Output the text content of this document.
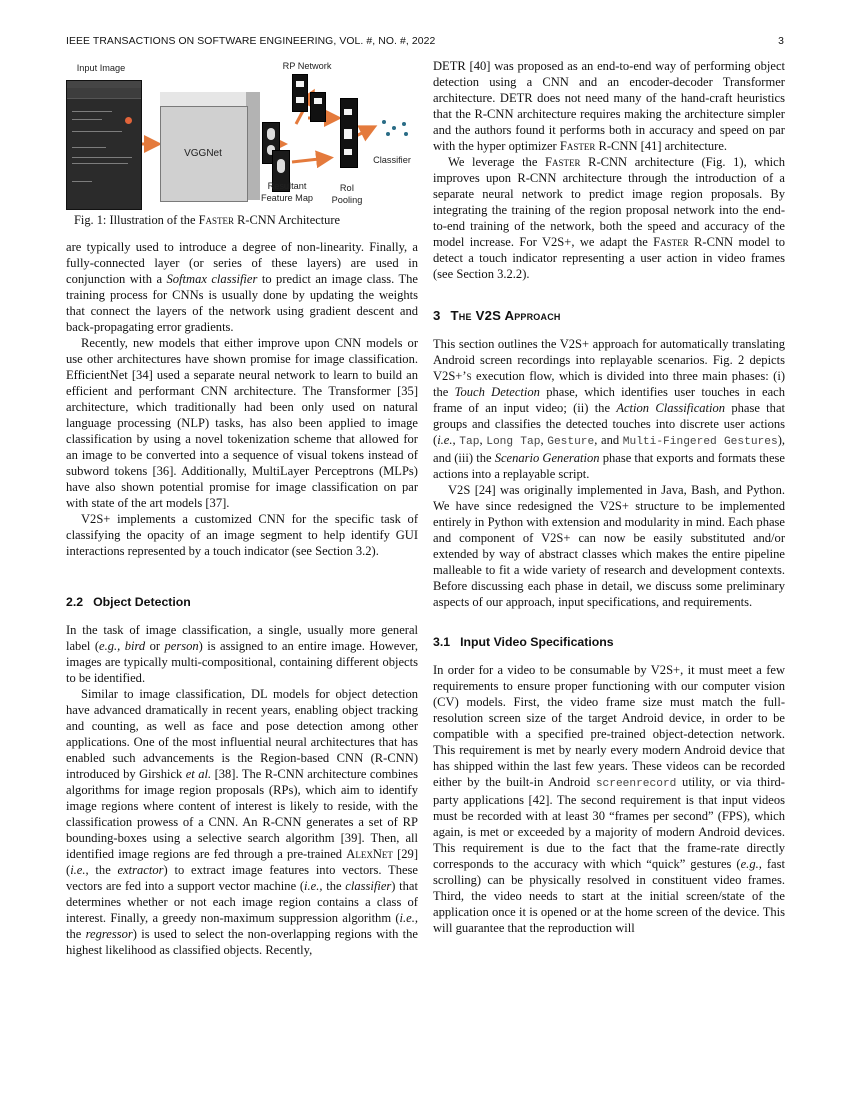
IEEE TRANSACTIONS ON SOFTWARE ENGINEERING, VOL. #, NO. #, 2022	3
Input Image	RP Network
VGGNet
Resultant
Feature Map
RoI
Pooling
Classifier
Fig. 1: Illustration of the Faster R-CNN Architecture

are typically used to introduce a degree of non-linearity. Finally, a fully-connected layer (or series of these layers) are used in conjunction with a Softmax classifier to predict an image class. The training process for CNNs is usually done by updating the weights that connect the layers of the network using gradient descent and back-propagating error gradients.

Recently, new models that either improve upon CNN models or use other architectures have shown promise for image classification. EfficientNet [34] used a separate neural network to learn to build an efficient and performant CNN architecture. The Transformer [35] architecture, which traditionally had been only used on natural language processing (NLP) tasks, has also been applied to image classification by using a novel tokenization scheme that allowed for an image to be converted into a sequence of visual tokens instead of subword tokens [36]. Additionally, MultiLayer Perceptrons (MLPs) have also shown potential promise for image classification on par with state of the art models [37].

V2S+ implements a customized CNN for the specific task of classifying the opacity of an image segment to help identify GUI interactions represented by a touch indicator (see Section 3.2).

2.2 Object Detection

In the task of image classification, a single, usually more general label (e.g., bird or person) is assigned to an entire image. However, images are typically multi-compositional, containing different objects to be identified.

Similar to image classification, DL models for object detection have advanced dramatically in recent years, enabling object tracking and counting, as well as face and pose detection among other applications. One of the most influential neural architectures that has enabled such advancements is the Region-based CNN (R-CNN) introduced by Girshick et al. [38]. The R-CNN architecture combines algorithms for image region proposals (RPs), which aim to identify image regions where content of interest is likely to reside, with the classification prowess of a CNN. An R-CNN generates a set of RP bounding-boxes using a selective search algorithm [39]. Then, all identified image regions are fed through a pre-trained AlexNet [29] (i.e., the extractor) to extract image features into vectors. These vectors are fed into a support vector machine (i.e., the classifier) that determines whether or not each image region contains a class of interest. Finally, a greedy non-maximum suppression algorithm (i.e., the regressor) is used to select the non-overlapping regions with the highest likelihood as classified objects. Recently,

DETR [40] was proposed as an end-to-end way of performing object detection using a CNN and an encoder-decoder Transformer architecture. DETR does not need many of the hand-craft heuristics that the R-CNN architecture requires making the architecture simpler and the authors found it performs both in accuracy and speed on par with the hyper optimizer Faster R-CNN [41] architecture.

We leverage the Faster R-CNN architecture (Fig. 1), which improves upon R-CNN architecture through the introduction of a separate neural network to predict image region proposals. By integrating the training of the region proposal network into the end-to-end training of the network, both the speed and accuracy of the model increase. For V2S+, we adapt the Faster R-CNN model to detect a touch indicator representing a user action in video frames (see Section 3.2.2).

3 The V2S Approach

This section outlines the V2S+ approach for automatically translating Android screen recordings into replayable scenarios. Fig. 2 depicts V2S+’s execution flow, which is divided into three main phases: (i) the Touch Detection phase, which identifies user touches in each frame of an input video; (ii) the Action Classification phase that groups and classifies the detected touches into discrete user actions (i.e., Tap, Long Tap, Gesture, and Multi-Fingered Gestures), and (iii) the Scenario Generation phase that exports and formats these actions into a replayable script.

V2S [24] was originally implemented in Java, Bash, and Python. We have since redesigned the V2S+ structure to be implemented entirely in Python with extension and modularity in mind. Each phase and component of V2S+ can now be easily substituted and/or extended by way of abstract classes which makes the entire pipeline malleable to fit a wide variety of research and development contexts. Before discussing each phase in detail, we discuss some preliminary aspects of our approach, input specifications, and requirements.

3.1 Input Video Specifications

In order for a video to be consumable by V2S+, it must meet a few requirements to ensure proper functioning with our computer vision (CV) models. First, the video frame size must match the full-resolution screen size of the target Android device, in order to be compatible with a specified pre-trained object-detection network. This requirement is met by nearly every modern Android device that has shipped within the last few years. These videos can be recorded either by the built-in Android screenrecord utility, or via third-party applications [42]. The second requirement is that input videos must be recorded with at least 30 “frames per second” (FPS), which again, is met or exceeded by a majority of modern Android devices. This requirement is due to the fact that the frame-rate directly corresponds to the accuracy with which “quick” gestures (e.g., fast scrolling) can be physically resolved in constituent video frames. Third, the video needs to start at the initial screen/state of the application once it is opened or at the home screen of the device. This will guarantee that the reproduction will
